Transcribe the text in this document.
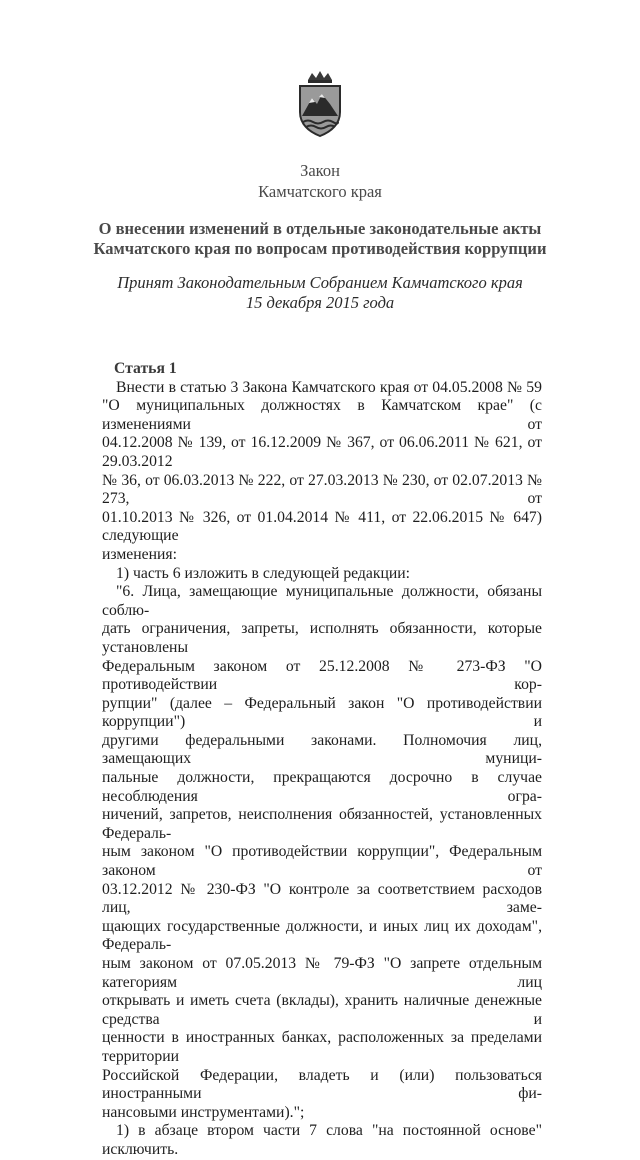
Закон
Камчатского края
О внесении изменений в отдельные законодательные акты
Камчатского края по вопросам противодействия коррупции
Принят Законодательным Собранием Камчатского края
15 декабря 2015 года
Статья 1

Внести в статью 3 Закона Камчатского края от 04.05.2008 № 59

"О муниципальных должностях в Камчатском крае" (с изменениями от

04.12.2008 № 139, от 16.12.2009 № 367, от 06.06.2011 № 621, от 29.03.2012

№ 36, от 06.03.2013 № 222, от 27.03.2013 № 230, от 02.07.2013 № 273, от

01.10.2013 № 326, от 01.04.2014 № 411, от 22.06.2015 № 647) следующие

изменения:

1) часть 6 изложить в следующей редакции:

"6. Лица, замещающие муниципальные должности, обязаны соблю-

дать ограничения, запреты, исполнять обязанности, которые установлены

Федеральным законом от 25.12.2008 № 273-ФЗ "О противодействии кор-

рупции" (далее – Федеральный закон "О противодействии коррупции") и

другими федеральными законами. Полномочия лиц, замещающих муници-

пальные должности, прекращаются досрочно в случае несоблюдения огра-

ничений, запретов, неисполнения обязанностей, установленных Федераль-

ным законом "О противодействии коррупции", Федеральным законом от

03.12.2012 № 230-ФЗ "О контроле за соответствием расходов лиц, заме-

щающих государственные должности, и иных лиц их доходам", Федераль-

ным законом от 07.05.2013 № 79-ФЗ "О запрете отдельным категориям лиц

открывать и иметь счета (вклады), хранить наличные денежные средства и

ценности в иностранных банках, расположенных за пределами территории

Российской Федерации, владеть и (или) пользоваться иностранными фи-

нансовыми инструментами).";

1) в абзаце втором части 7 слова "на постоянной основе" исключить.
